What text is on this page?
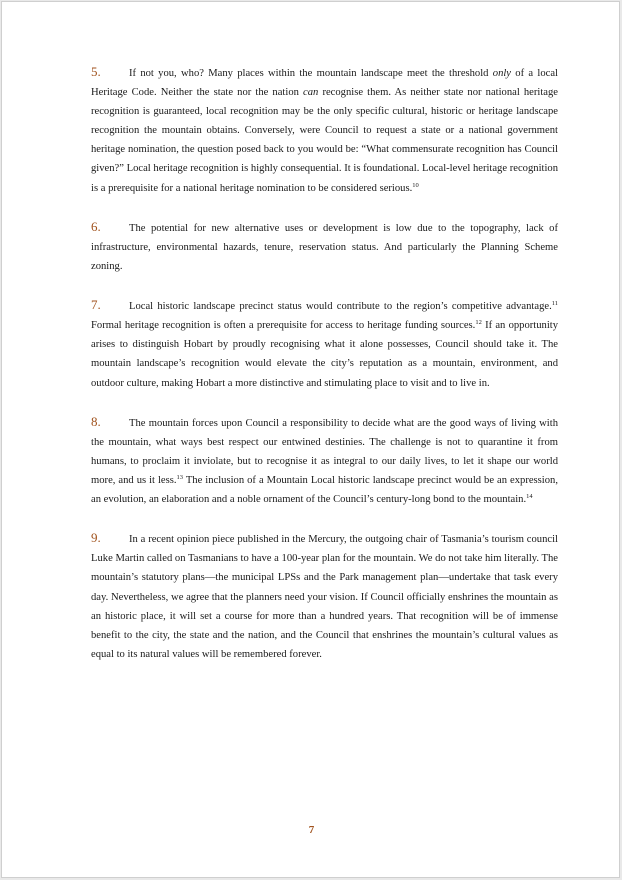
5.	If not you, who? Many places within the mountain landscape meet the threshold only of a local Heritage Code. Neither the state nor the nation can recognise them. As neither state nor national heritage recognition is guaranteed, local recognition may be the only specific cultural, historic or heritage landscape recognition the mountain obtains. Conversely, were Council to request a state or a national government heritage nomination, the question posed back to you would be: “What commensurate recognition has Council given?” Local heritage recognition is highly consequential. It is foundational. Local-level heritage recognition is a prerequisite for a national heritage nomination to be considered serious.$^{10}$

6.	The potential for new alternative uses or development is low due to the topography, lack of infrastructure, environmental hazards, tenure, reservation status. And particularly the Planning Scheme zoning.

7.	Local historic landscape precinct status would contribute to the region’s competitive advantage.$^{11}$ Formal heritage recognition is often a prerequisite for access to heritage funding sources.$^{12}$ If an opportunity arises to distinguish Hobart by proudly recognising what it alone possesses, Council should take it. The mountain landscape’s recognition would elevate the city’s reputation as a mountain, environment, and outdoor culture, making Hobart a more distinctive and stimulating place to visit and to live in.

8.	The mountain forces upon Council a responsibility to decide what are the good ways of living with the mountain, what ways best respect our entwined destinies. The challenge is not to quarantine it from humans, to proclaim it inviolate, but to recognise it as integral to our daily lives, to let it shape our world more, and us it less.$^{13}$ The inclusion of a Mountain Local historic landscape precinct would be an expression, an evolution, an elaboration and a noble ornament of the Council’s century-long bond to the mountain.$^{14}$

9.	In a recent opinion piece published in the Mercury, the outgoing chair of Tasmania’s tourism council Luke Martin called on Tasmanians to have a 100-year plan for the mountain. We do not take him literally. The mountain’s statutory plans—the municipal LPSs and the Park management plan—undertake that task every day. Nevertheless, we agree that the planners need your vision. If Council officially enshrines the mountain as an historic place, it will set a course for more than a hundred years. That recognition will be of immense benefit to the city, the state and the nation, and the Council that enshrines the mountain’s cultural values as equal to its natural values will be remembered forever.

7
